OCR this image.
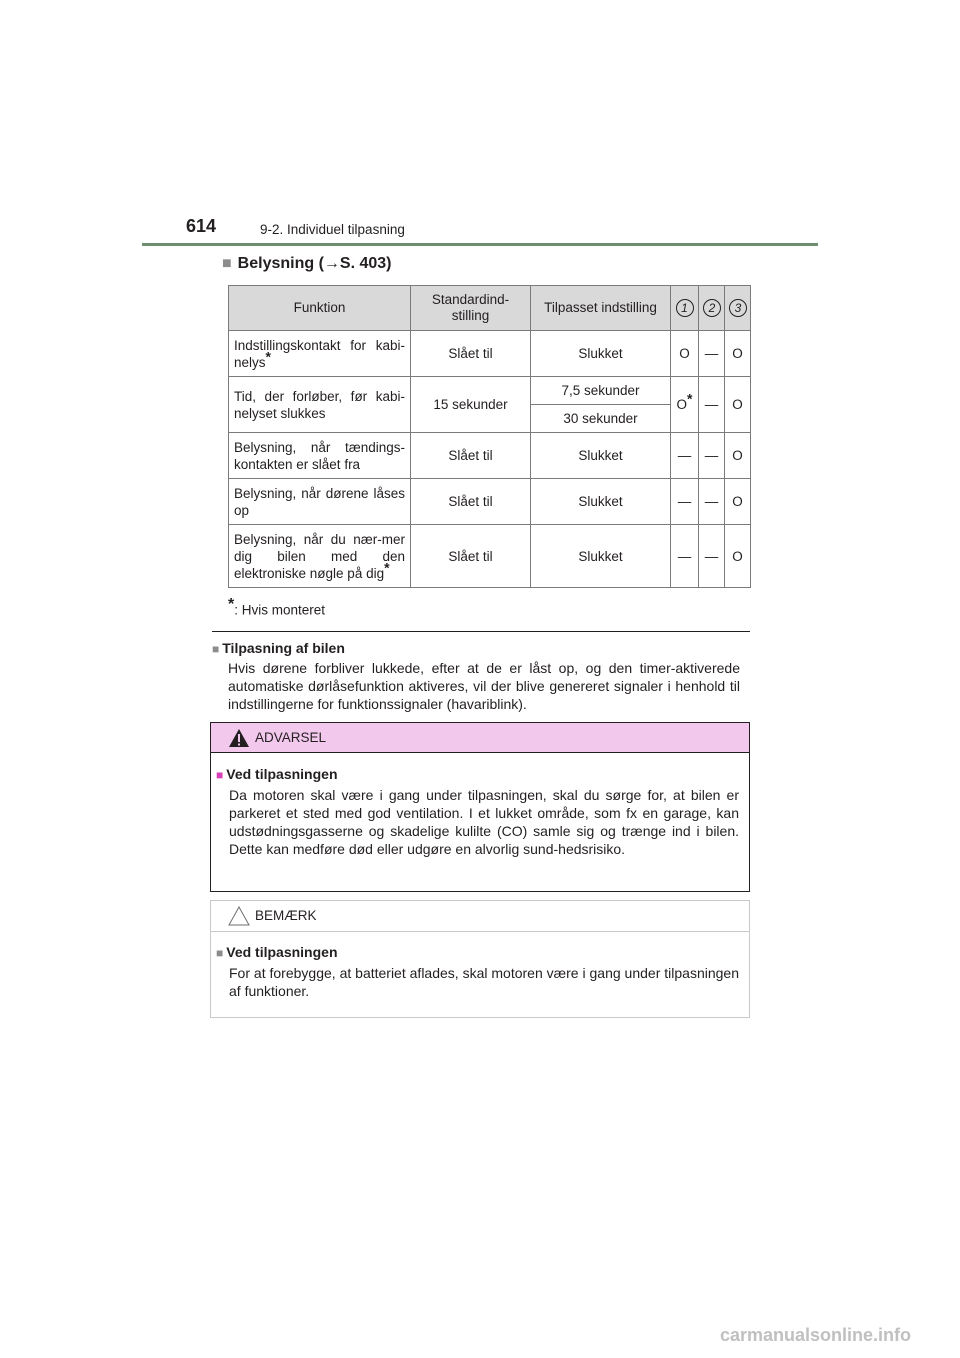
614	9-2. Individuel tilpasning
■ Belysning (→S. 403)
Funktion	Standardind-stilling	Tilpasset indstilling	1	2	3
Indstillingskontakt for kabi-nelys*	Slået til	Slukket	O	—	O
Tid, der forløber, før kabi-nelyset slukkes	15 sekunder	7,5 sekunder	O*	—	O
		30 sekunder			
Belysning, når tændings-kontakten er slået fra	Slået til	Slukket	—	—	O
Belysning, når dørene låses op	Slået til	Slukket	—	—	O
Belysning, når du nær-mer dig bilen med den elektroniske nøgle på dig*	Slået til	Slukket	—	—	O
*: Hvis monteret
■ Tilpasning af bilen
Hvis dørene forbliver lukkede, efter at de er låst op, og den timer-aktiverede automatiske dørlåsefunktion aktiveres, vil der blive genereret signaler i henhold til indstillingerne for funktionssignaler (havariblink).
ADVARSEL
■ Ved tilpasningen
Da motoren skal være i gang under tilpasningen, skal du sørge for, at bilen er parkeret et sted med god ventilation. I et lukket område, som fx en garage, kan udstødningsgasserne og skadelige kulilte (CO) samle sig og trænge ind i bilen. Dette kan medføre død eller udgøre en alvorlig sund-hedsrisiko.
BEMÆRK
■ Ved tilpasningen
For at forebygge, at batteriet aflades, skal motoren være i gang under tilpasningen af funktioner.
carmanualsonline.info
